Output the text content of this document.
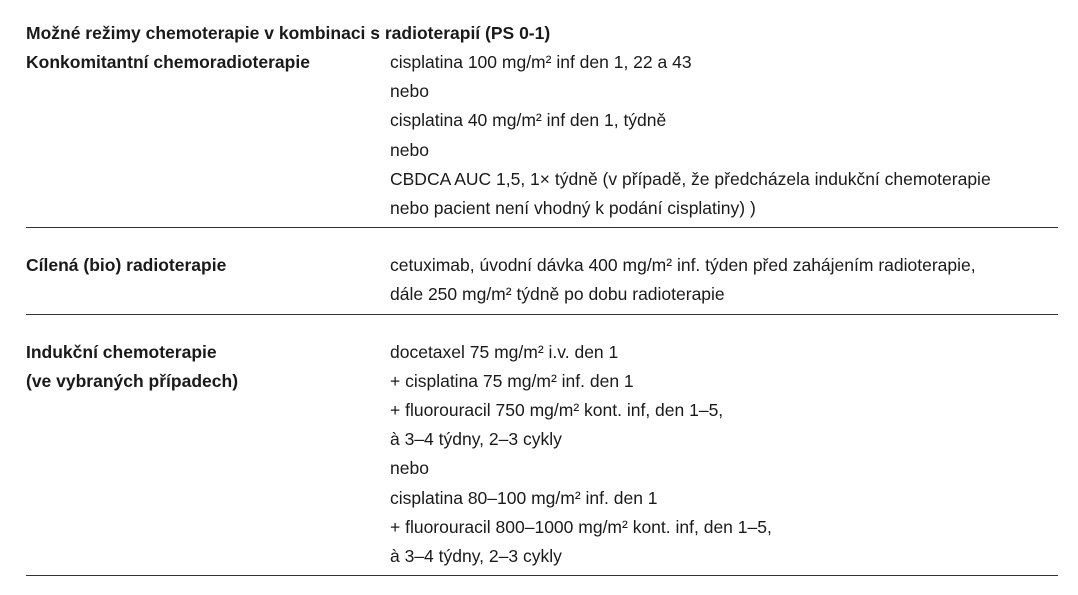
Možné režimy chemoterapie v kombinaci s radioterapií (PS 0-1)
Konkomitantní chemoradioterapie	cisplatina 100 mg/m² inf den 1, 22 a 43
nebo
cisplatina 40 mg/m² inf den 1, týdně
nebo
CBDCA AUC 1,5, 1× týdně (v případě, že předcházela indukční chemoterapie
nebo pacient není vhodný k podání cisplatiny) )
Cílená (bio) radioterapie	cetuximab, úvodní dávka 400 mg/m² inf. týden před zahájením radioterapie,
dále 250 mg/m² týdně po dobu radioterapie
Indukční chemoterapie
(ve vybraných případech)
docetaxel 75 mg/m² i.v. den 1
+ cisplatina 75 mg/m² inf. den 1
+ fluorouracil 750 mg/m² kont. inf, den 1–5,
à 3–4 týdny, 2–3 cykly
nebo
cisplatina 80–100 mg/m² inf. den 1
+ fluorouracil 800–1000 mg/m² kont. inf, den 1–5,
à 3–4 týdny, 2–3 cykly
